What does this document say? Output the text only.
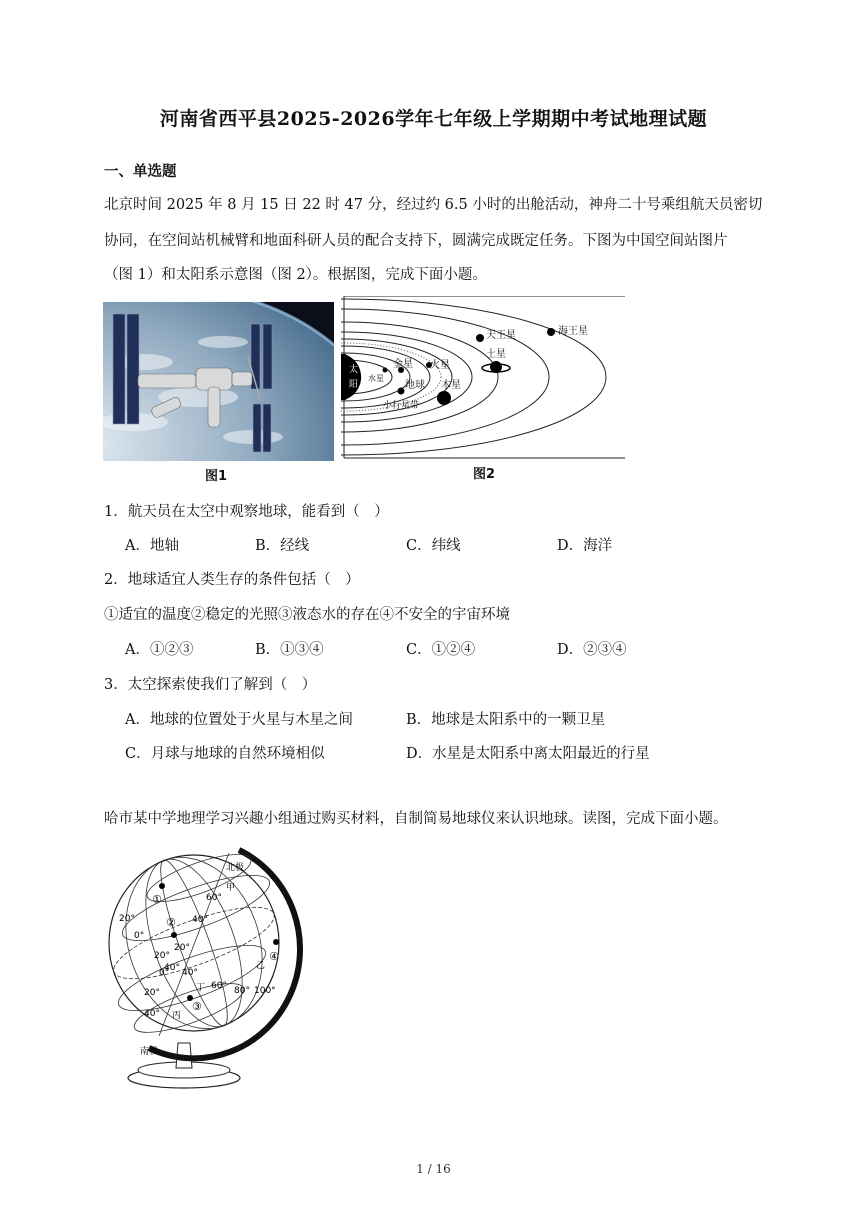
河南省西平县2025-2026学年七年级上学期期中考试地理试题
一、单选题
北京时间 2025 年 8 月 15 日 22 时 47 分，经过约 6.5 小时的出舱活动，神舟二十号乘组航天员密切
协同，在空间站机械臂和地面科研人员的配合支持下，圆满完成既定任务。下图为中国空间站图片
（图 1）和太阳系示意图（图 2）。根据图，完成下面小题。
图1
太
阳
水星
金星 火星
地球 木星
小行星带
土星
天王星	海王星
图2
1．航天员在太空中观察地球，能看到（　）
A．地轴	B．经线	C．纬线	D．海洋
2．地球适宜人类生存的条件包括（　）
①适宜的温度②稳定的光照③液态水的存在④不安全的宇宙环境
A．①②③	B．①③④	C．①②④	D．②③④
3．太空探索使我们了解到（　）
A．地球的位置处于火星与木星之间	B．地球是太阳系中的一颗卫星
C．月球与地球的自然环境相似	D．水星是太阳系中离太阳最近的行星
哈市某中学地理学习兴趣小组通过购买材料，自制简易地球仪来认识地球。读图，完成下面小题。
北极
甲
60°
①
② 40°
20°
0°
20°
20°
0° 40°
④
乙
60° 80° 100°
丁
③
20°
丙
40°
40°
南极
1 / 16
